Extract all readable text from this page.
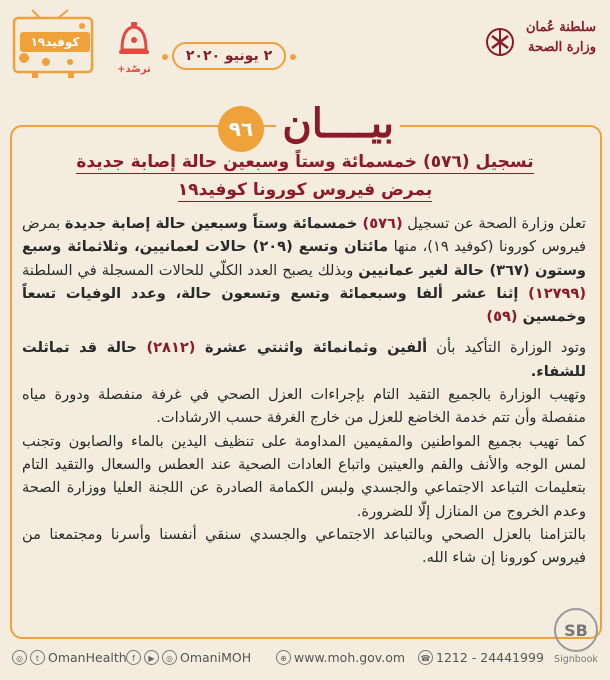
سلطنة عُمان
وزارة الصحة
٢ يونيو ٢٠٢٠
ترصّد+
كوفيد١٩
بيــــان
٩٦
تسجيل (٥٧٦) خمسمائة وستاً وسبعين حالة إصابة جديدة
بمرض فيروس كورونا كوفيد١٩

تعلن وزارة الصحة عن تسجيل (٥٧٦) خمسمائة وستاً وسبعين حالة إصابة جديدة بمرض فيروس كورونا (كوفيد ١٩)، منها مائتان وتسع (٢٠٩) حالات لعمانيين، وثلاثمائة وسبع وستون (٣٦٧) حالة لغير عمانيين وبذلك يصبح العدد الكلّي للحالات المسجلة في السلطنة (١٢٧٩٩) إثنا عشر ألفا وسبعمائة وتسع وتسعون حالة، وعدد الوفيات تسعاً وخمسين (٥٩)

وتود الوزارة التأكيد بأن ألفين وثمانمائة واثنتي عشرة (٢٨١٢) حالة قد تماثلت للشفاء.

وتهيب الوزارة بالجميع التقيد التام بإجراءات العزل الصحي في غرفة منفصلة ودورة مياه منفصلة وأن تتم خدمة الخاضع للعزل من خارج الغرفة حسب الارشادات.

كما تهيب بجميع المواطنين والمقيمين المداومة على تنظيف اليدين بالماء والصابون وتجنب لمس الوجه والأنف والفم والعينين واتباع العادات الصحية عند العطس والسعال والتقيد التام بتعليمات التباعد الاجتماعي والجسدي ولبس الكمامة الصادرة عن اللجنة العليا ووزارة الصحة وعدم الخروج من المنازل إلّا للضرورة.

بالتزامنا بالعزل الصحي وبالتباعد الاجتماعي والجسدي سنقي أنفسنا وأسرنا ومجتمعنا من فيروس كورونا إن شاء الله.

◎	t OmanHealth f	▶	◎ OmaniMOH	⊕ www.moh.gov.om	☎ 1212 - 24441999
SB
Signbook
